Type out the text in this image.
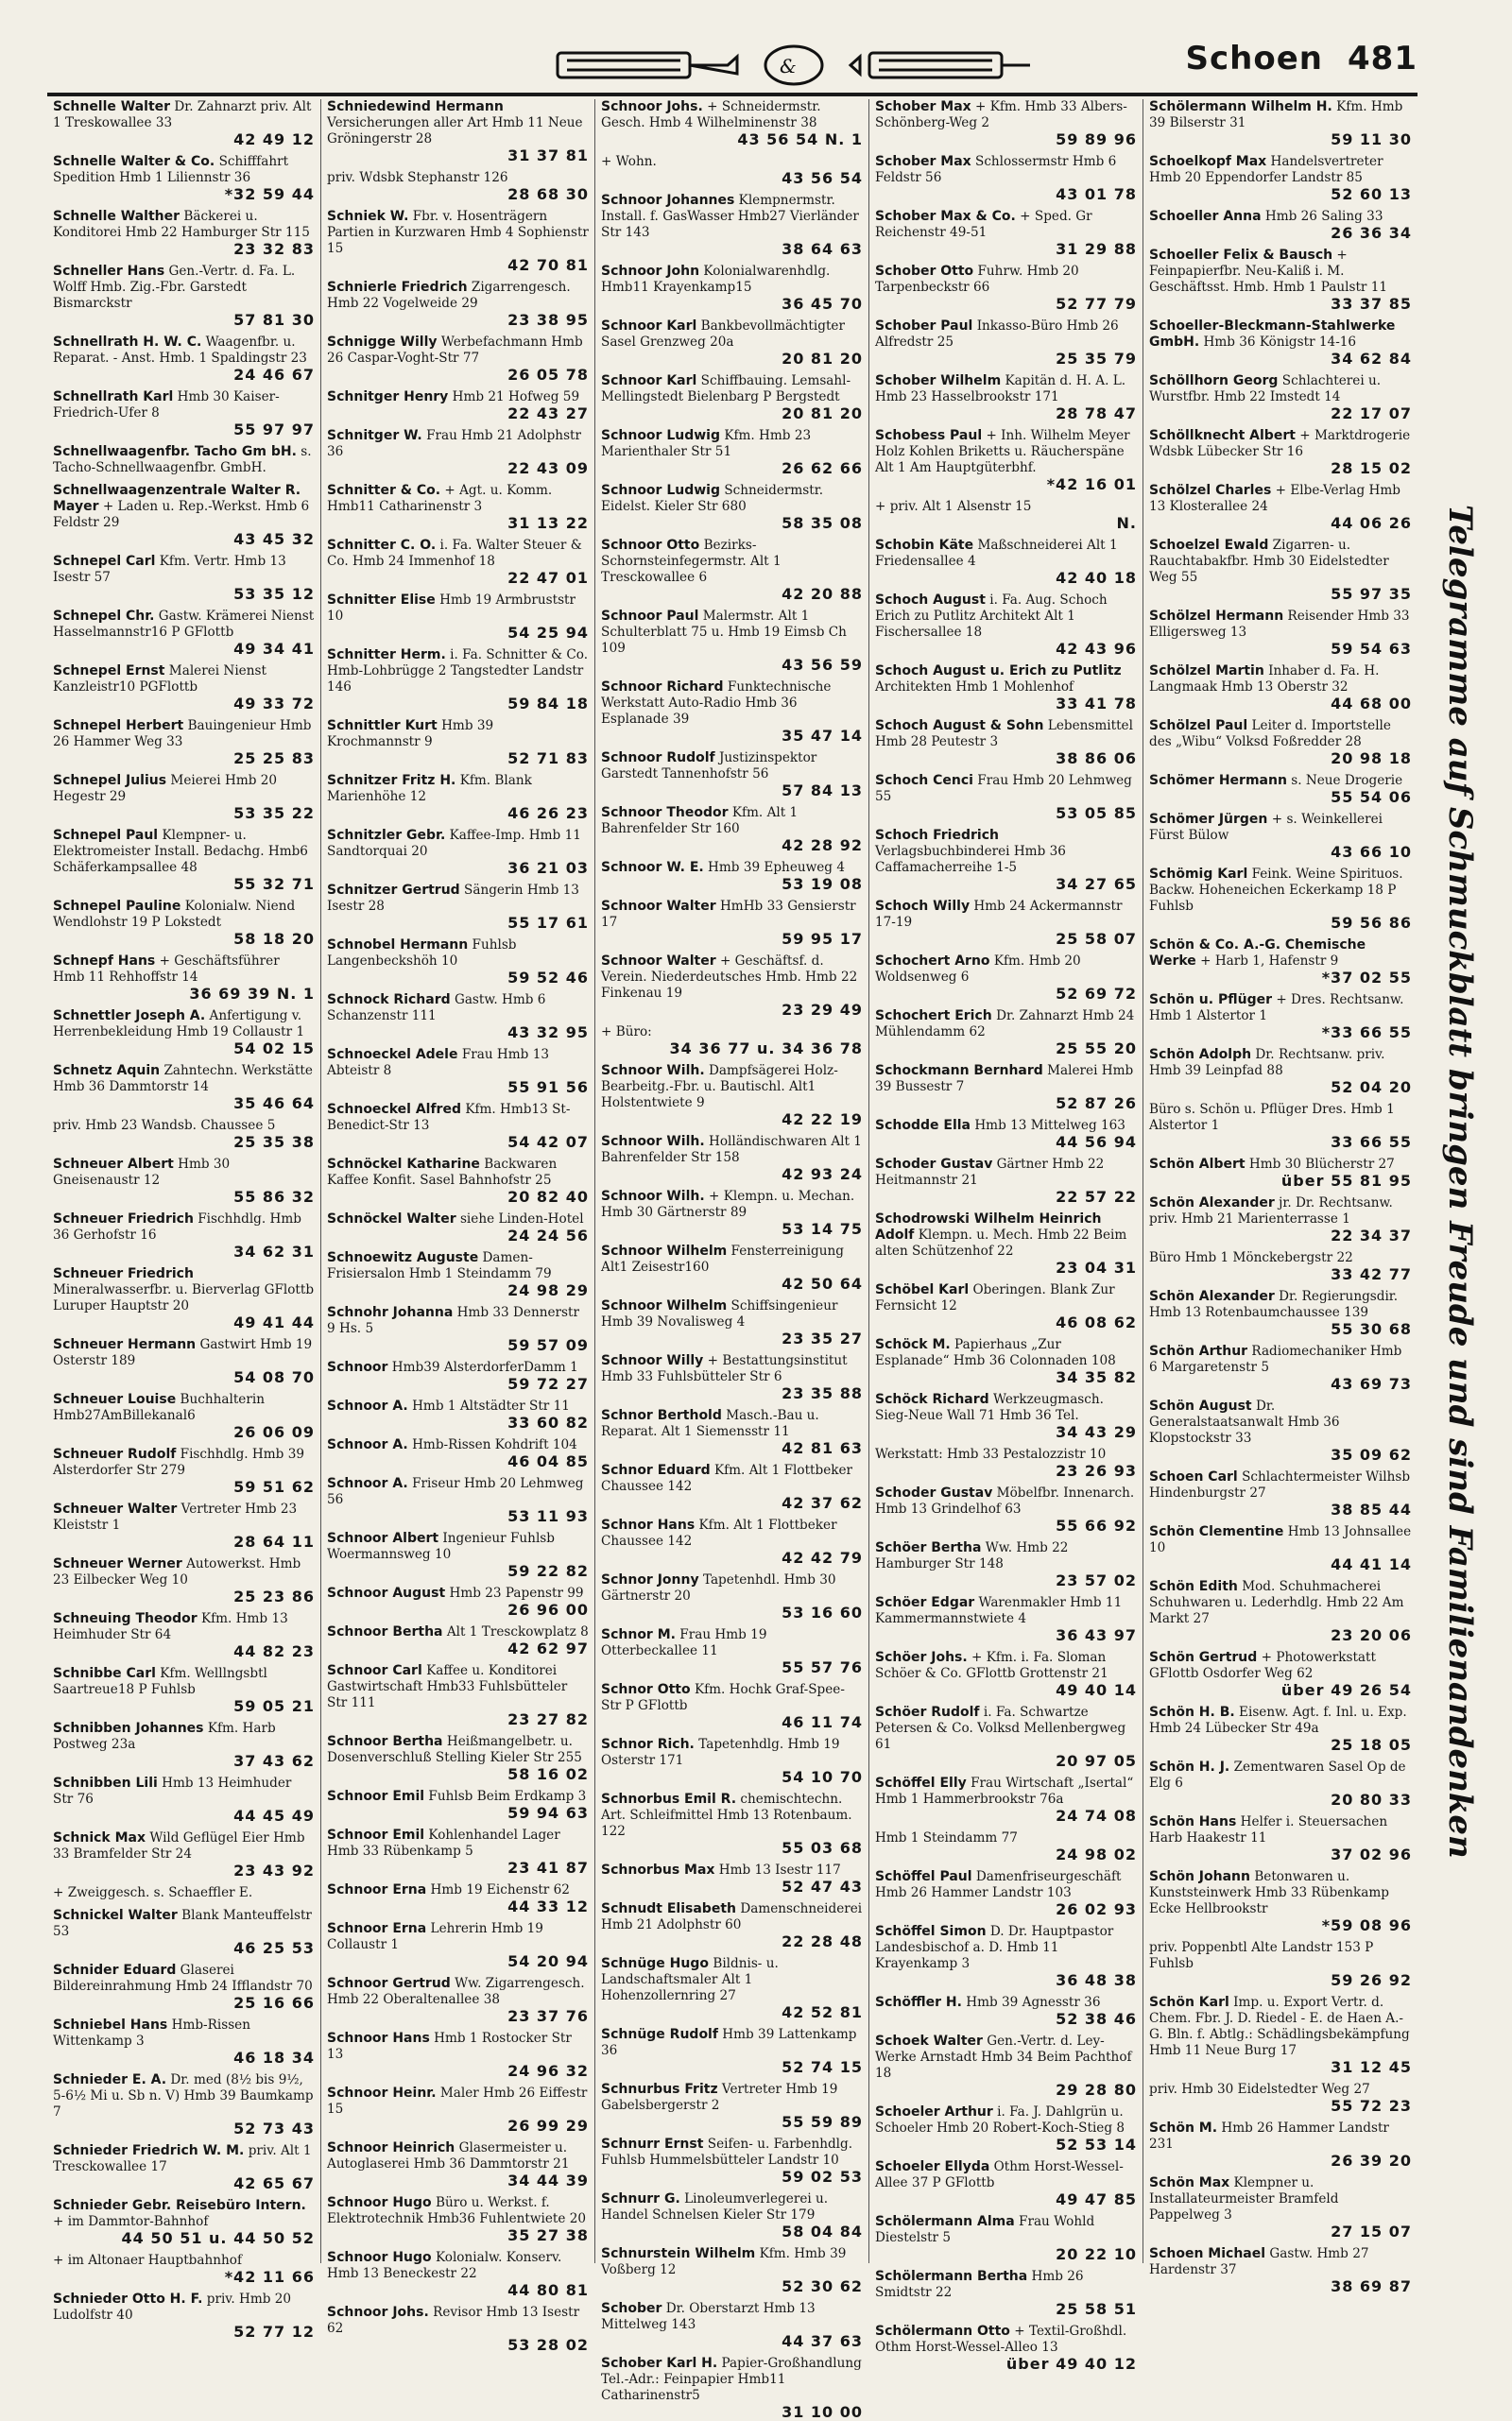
&	Schoen 481
Schnelle Walter Dr. Zahnarzt priv. Alt 1 Treskowallee 33
42 49 12
Schnelle Walter & Co. Schifffahrt Spedition Hmb 1 Liliennstr 36
*32 59 44
Schnelle Walther Bäckerei u. Konditorei Hmb 22 Hamburger Str 115
23 32 83
Schneller Hans Gen.-Vertr. d. Fa. L. Wolff Hmb. Zig.-Fbr. Garstedt Bismarckstr
57 81 30
Schnellrath H. W. C. Waagenfbr. u. Reparat. - Anst. Hmb. 1 Spaldingstr 23
24 46 67
Schnellrath Karl Hmb 30 Kaiser-Friedrich-Ufer 8
55 97 97
Schnellwaagenfbr. Tacho Gm bH. s. Tacho-Schnellwaagenfbr. GmbH.
Schnellwaagenzentrale Walter R. Mayer + Laden u. Rep.-Werkst. Hmb 6 Feldstr 29
43 45 32
Schnepel Carl Kfm. Vertr. Hmb 13 Isestr 57
53 35 12
Schnepel Chr. Gastw. Krämerei Nienst Hasselmannstr16 P GFlottb
49 34 41
Schnepel Ernst Malerei Nienst Kanzleistr10 PGFlottb
49 33 72
Schnepel Herbert Bauingenieur Hmb 26 Hammer Weg 33
25 25 83
Schnepel Julius Meierei Hmb 20 Hegestr 29
53 35 22
Schnepel Paul Klempner- u. Elektromeister Install. Bedachg. Hmb6 Schäferkampsallee 48
55 32 71
Schnepel Pauline Kolonialw. Niend Wendlohstr 19 P Lokstedt
58 18 20
Schnepf Hans + Geschäftsführer Hmb 11 Rehhoffstr 14
36 69 39 N. 1
Schnettler Joseph A. Anfertigung v. Herrenbekleidung Hmb 19 Collaustr 1
54 02 15
Schnetz Aquin Zahntechn. Werkstätte Hmb 36 Dammtorstr 14
35 46 64
priv. Hmb 23 Wandsb. Chaussee 5
25 35 38
Schneuer Albert Hmb 30 Gneisenaustr 12
55 86 32
Schneuer Friedrich Fischhdlg. Hmb 36 Gerhofstr 16
34 62 31
Schneuer Friedrich Mineralwasserfbr. u. Bierverlag GFlottb Luruper Hauptstr 20
49 41 44
Schneuer Hermann Gastwirt Hmb 19 Osterstr 189
54 08 70
Schneuer Louise Buchhalterin Hmb27AmBillekanal6
26 06 09
Schneuer Rudolf Fischhdlg. Hmb 39 Alsterdorfer Str 279
59 51 62
Schneuer Walter Vertreter Hmb 23 Kleiststr 1
28 64 11
Schneuer Werner Autowerkst. Hmb 23 Eilbecker Weg 10
25 23 86
Schneuing Theodor Kfm. Hmb 13 Heimhuder Str 64
44 82 23
Schnibbe Carl Kfm. Welllngsbtl Saartreue18 P Fuhlsb
59 05 21
Schnibben Johannes Kfm. Harb Postweg 23a
37 43 62
Schnibben Lili Hmb 13 Heimhuder Str 76
44 45 49
Schnick Max Wild Geflügel Eier Hmb 33 Bramfelder Str 24
23 43 92
+ Zweiggesch. s. Schaeffler E.
Schnickel Walter Blank Manteuffelstr 53
46 25 53
Schnider Eduard Glaserei Bildereinrahmung Hmb 24 Ifflandstr 70
25 16 66
Schniebel Hans Hmb-Rissen Wittenkamp 3
46 18 34
Schnieder E. A. Dr. med (8½ bis 9½, 5-6½ Mi u. Sb n. V) Hmb 39 Baumkamp 7
52 73 43
Schnieder Friedrich W. M. priv. Alt 1 Tresckowallee 17
42 65 67
Schnieder Gebr. Reisebüro Intern. + im Dammtor-Bahnhof
44 50 51 u. 44 50 52
+ im Altonaer Hauptbahnhof
*42 11 66
Schnieder Otto H. F. priv. Hmb 20 Ludolfstr 40
52 77 12
Schniedewind Hermann Versicherungen aller Art Hmb 11 Neue Gröningerstr 28
31 37 81
priv. Wdsbk Stephanstr 126
28 68 30
Schniek W. Fbr. v. Hosenträgern Partien in Kurzwaren Hmb 4 Sophienstr 15
42 70 81
Schnierle Friedrich Zigarrengesch. Hmb 22 Vogelweide 29
23 38 95
Schnigge Willy Werbefachmann Hmb 26 Caspar-Voght-Str 77
26 05 78
Schnitger Henry Hmb 21 Hofweg 59
22 43 27
Schnitger W. Frau Hmb 21 Adolphstr 36
22 43 09
Schnitter & Co. + Agt. u. Komm. Hmb11 Catharinenstr 3
31 13 22
Schnitter C. O. i. Fa. Walter Steuer & Co. Hmb 24 Immenhof 18
22 47 01
Schnitter Elise Hmb 19 Armbruststr 10
54 25 94
Schnitter Herm. i. Fa. Schnitter & Co. Hmb-Lohbrügge 2 Tangstedter Landstr 146
59 84 18
Schnittler Kurt Hmb 39 Krochmannstr 9
52 71 83
Schnitzer Fritz H. Kfm. Blank Marienhöhe 12
46 26 23
Schnitzler Gebr. Kaffee-Imp. Hmb 11 Sandtorquai 20
36 21 03
Schnitzer Gertrud Sängerin Hmb 13 Isestr 28
55 17 61
Schnobel Hermann Fuhlsb Langenbeckshöh 10
59 52 46
Schnock Richard Gastw. Hmb 6 Schanzenstr 111
43 32 95
Schnoeckel Adele Frau Hmb 13 Abteistr 8
55 91 56
Schnoeckel Alfred Kfm. Hmb13 St-Benedict-Str 13
54 42 07
Schnöckel Katharine Backwaren Kaffee Konfit. Sasel Bahnhofstr 25
20 82 40
Schnöckel Walter siehe Linden-Hotel
24 24 56
Schnoewitz Auguste Damen-Frisiersalon Hmb 1 Steindamm 79
24 98 29
Schnohr Johanna Hmb 33 Dennerstr 9 Hs. 5
59 57 09
Schnoor Hmb39 AlsterdorferDamm 1
59 72 27
Schnoor A. Hmb 1 Altstädter Str 11
33 60 82
Schnoor A. Hmb-Rissen Kohdrift 104
46 04 85
Schnoor A. Friseur Hmb 20 Lehmweg 56
53 11 93
Schnoor Albert Ingenieur Fuhlsb Woermannsweg 10
59 22 82
Schnoor August Hmb 23 Papenstr 99
26 96 00
Schnoor Bertha Alt 1 Tresckowplatz 8
42 62 97
Schnoor Carl Kaffee u. Konditorei Gastwirtschaft Hmb33 Fuhlsbütteler Str 111
23 27 82
Schnoor Bertha Heißmangelbetr. u. Dosenverschluß Stelling Kieler Str 255
58 16 02
Schnoor Emil Fuhlsb Beim Erdkamp 3
59 94 63
Schnoor Emil Kohlenhandel Lager Hmb 33 Rübenkamp 5
23 41 87
Schnoor Erna Hmb 19 Eichenstr 62
44 33 12
Schnoor Erna Lehrerin Hmb 19 Collaustr 1
54 20 94
Schnoor Gertrud Ww. Zigarrengesch. Hmb 22 Oberaltenallee 38
23 37 76
Schnoor Hans Hmb 1 Rostocker Str 13
24 96 32
Schnoor Heinr. Maler Hmb 26 Eiffestr 15
26 99 29
Schnoor Heinrich Glasermeister u. Autoglaserei Hmb 36 Dammtorstr 21
34 44 39
Schnoor Hugo Büro u. Werkst. f. Elektrotechnik Hmb36 Fuhlentwiete 20
35 27 38
Schnoor Hugo Kolonialw. Konserv. Hmb 13 Beneckestr 22
44 80 81
Schnoor Johs. Revisor Hmb 13 Isestr 62
53 28 02
Schnoor Johs. + Schneidermstr. Gesch. Hmb 4 Wilhelminenstr 38
43 56 54 N. 1
+ Wohn.
43 56 54
Schnoor Johannes Klempnermstr. Install. f. GasWasser Hmb27 Vierländer Str 143
38 64 63
Schnoor John Kolonialwarenhdlg. Hmb11 Krayenkamp15
36 45 70
Schnoor Karl Bankbevollmächtigter Sasel Grenzweg 20a
20 81 20
Schnoor Karl Schiffbauing. Lemsahl-Mellingstedt Bielenbarg P Bergstedt
20 81 20
Schnoor Ludwig Kfm. Hmb 23 Marienthaler Str 51
26 62 66
Schnoor Ludwig Schneidermstr. Eidelst. Kieler Str 680
58 35 08
Schnoor Otto Bezirks-Schornsteinfegermstr. Alt 1 Tresckowallee 6
42 20 88
Schnoor Paul Malermstr. Alt 1 Schulterblatt 75 u. Hmb 19 Eimsb Ch 109
43 56 59
Schnoor Richard Funktechnische Werkstatt Auto-Radio Hmb 36 Esplanade 39
35 47 14
Schnoor Rudolf Justizinspektor Garstedt Tannenhofstr 56
57 84 13
Schnoor Theodor Kfm. Alt 1 Bahrenfelder Str 160
42 28 92
Schnoor W. E. Hmb 39 Epheuweg 4
53 19 08
Schnoor Walter HmHb 33 Gensierstr 17
59 95 17
Schnoor Walter + Geschäftsf. d. Verein. Niederdeutsches Hmb. Hmb 22 Finkenau 19
23 29 49
+ Büro:
34 36 77 u. 34 36 78
Schnoor Wilh. Dampfsägerei Holz-Bearbeitg.-Fbr. u. Bautischl. Alt1 Holstentwiete 9
42 22 19
Schnoor Wilh. Holländischwaren Alt 1 Bahrenfelder Str 158
42 93 24
Schnoor Wilh. + Klempn. u. Mechan. Hmb 30 Gärtnerstr 89
53 14 75
Schnoor Wilhelm Fensterreinigung Alt1 Zeisestr160
42 50 64
Schnoor Wilhelm Schiffsingenieur Hmb 39 Novalisweg 4
23 35 27
Schnoor Willy + Bestattungsinstitut Hmb 33 Fuhlsbütteler Str 6
23 35 88
Schnor Berthold Masch.-Bau u. Reparat. Alt 1 Siemensstr 11
42 81 63
Schnor Eduard Kfm. Alt 1 Flottbeker Chaussee 142
42 37 62
Schnor Hans Kfm. Alt 1 Flottbeker Chaussee 142
42 42 79
Schnor Jonny Tapetenhdl. Hmb 30 Gärtnerstr 20
53 16 60
Schnor M. Frau Hmb 19 Otterbeckallee 11
55 57 76
Schnor Otto Kfm. Hochk Graf-Spee-Str P GFlottb
46 11 74
Schnor Rich. Tapetenhdlg. Hmb 19 Osterstr 171
54 10 70
Schnorbus Emil R. chemischtechn. Art. Schleifmittel Hmb 13 Rotenbaum. 122
55 03 68
Schnorbus Max Hmb 13 Isestr 117
52 47 43
Schnudt Elisabeth Damenschneiderei Hmb 21 Adolphstr 60
22 28 48
Schnüge Hugo Bildnis- u. Landschaftsmaler Alt 1 Hohenzollernring 27
42 52 81
Schnüge Rudolf Hmb 39 Lattenkamp 36
52 74 15
Schnurbus Fritz Vertreter Hmb 19 Gabelsbergerstr 2
55 59 89
Schnurr Ernst Seifen- u. Farbenhdlg. Fuhlsb Hummelsbütteler Landstr 10
59 02 53
Schnurr G. Linoleumverlegerei u. Handel Schnelsen Kieler Str 179
58 04 84
Schnurstein Wilhelm Kfm. Hmb 39 Voßberg 12
52 30 62
Schober Dr. Oberstarzt Hmb 13 Mittelweg 143
44 37 63
Schober Karl H. Papier-Großhandlung Tel.-Adr.: Feinpapier Hmb11 Catharinenstr5
31 10 00
Schober Max + Kfm. Hmb 33 Albers-Schönberg-Weg 2
59 89 96
Schober Max Schlossermstr Hmb 6 Feldstr 56
43 01 78
Schober Max & Co. + Sped. Gr Reichenstr 49-51
31 29 88
Schober Otto Fuhrw. Hmb 20 Tarpenbeckstr 66
52 77 79
Schober Paul Inkasso-Büro Hmb 26 Alfredstr 25
25 35 79
Schober Wilhelm Kapitän d. H. A. L. Hmb 23 Hasselbrookstr 171
28 78 47
Schobess Paul + Inh. Wilhelm Meyer Holz Kohlen Briketts u. Räucherspäne Alt 1 Am Hauptgüterbhf.
*42 16 01
+ priv. Alt 1 Alsenstr 15
N.
Schobin Käte Maßschneiderei Alt 1 Friedensallee 4
42 40 18
Schoch August i. Fa. Aug. Schoch Erich zu Putlitz Architekt Alt 1 Fischersallee 18
42 43 96
Schoch August u. Erich zu Putlitz Architekten Hmb 1 Mohlenhof
33 41 78
Schoch August & Sohn Lebensmittel Hmb 28 Peutestr 3
38 86 06
Schoch Cenci Frau Hmb 20 Lehmweg 55
53 05 85
Schoch Friedrich Verlagsbuchbinderei Hmb 36 Caffamacherreihe 1-5
34 27 65
Schoch Willy Hmb 24 Ackermannstr 17-19
25 58 07
Schochert Arno Kfm. Hmb 20 Woldsenweg 6
52 69 72
Schochert Erich Dr. Zahnarzt Hmb 24 Mühlendamm 62
25 55 20
Schockmann Bernhard Malerei Hmb 39 Bussestr 7
52 87 26
Schodde Ella Hmb 13 Mittelweg 163
44 56 94
Schoder Gustav Gärtner Hmb 22 Heitmannstr 21
22 57 22
Schodrowski Wilhelm Heinrich Adolf Klempn. u. Mech. Hmb 22 Beim alten Schützenhof 22
23 04 31
Schöbel Karl Oberingen. Blank Zur Fernsicht 12
46 08 62
Schöck M. Papierhaus „Zur Esplanade“ Hmb 36 Colonnaden 108
34 35 82
Schöck Richard Werkzeugmasch. Sieg-Neue Wall 71 Hmb 36 Tel.
34 43 29
Werkstatt: Hmb 33 Pestalozzistr 10
23 26 93
Schoder Gustav Möbelfbr. Innenarch. Hmb 13 Grindelhof 63
55 66 92
Schöer Bertha Ww. Hmb 22 Hamburger Str 148
23 57 02
Schöer Edgar Warenmakler Hmb 11 Kammermannstwiete 4
36 43 97
Schöer Johs. + Kfm. i. Fa. Sloman Schöer & Co. GFlottb Grottenstr 21
49 40 14
Schöer Rudolf i. Fa. Schwartze Petersen & Co. Volksd Mellenbergweg 61
20 97 05
Schöffel Elly Frau Wirtschaft „Isertal“ Hmb 1 Hammerbrookstr 76a
24 74 08
Hmb 1 Steindamm 77
24 98 02
Schöffel Paul Damenfriseurgeschäft Hmb 26 Hammer Landstr 103
26 02 93
Schöffel Simon D. Dr. Hauptpastor Landesbischof a. D. Hmb 11 Krayenkamp 3
36 48 38
Schöffler H. Hmb 39 Agnesstr 36
52 38 46
Schoek Walter Gen.-Vertr. d. Ley-Werke Arnstadt Hmb 34 Beim Pachthof 18
29 28 80
Schoeler Arthur i. Fa. J. Dahlgrün u. Schoeler Hmb 20 Robert-Koch-Stieg 8
52 53 14
Schoeler Ellyda Othm Horst-Wessel-Allee 37 P GFlottb
49 47 85
Schölermann Alma Frau Wohld Diestelstr 5
20 22 10
Schölermann Bertha Hmb 26 Smidtstr 22
25 58 51
Schölermann Otto + Textil-Großhdl. Othm Horst-Wessel-Alleo 13
über 49 40 12
Schölermann Wilhelm H. Kfm. Hmb 39 Bilserstr 31
59 11 30
Schoelkopf Max Handelsvertreter Hmb 20 Eppendorfer Landstr 85
52 60 13
Schoeller Anna Hmb 26 Saling 33
26 36 34
Schoeller Felix & Bausch + Feinpapierfbr. Neu-Kaliß i. M. Geschäftsst. Hmb. Hmb 1 Paulstr 11
33 37 85
Schoeller-Bleckmann-Stahlwerke GmbH. Hmb 36 Königstr 14-16
34 62 84
Schöllhorn Georg Schlachterei u. Wurstfbr. Hmb 22 Imstedt 14
22 17 07
Schöllknecht Albert + Marktdrogerie Wdsbk Lübecker Str 16
28 15 02
Schölzel Charles + Elbe-Verlag Hmb 13 Klosterallee 24
44 06 26
Schoelzel Ewald Zigarren- u. Rauchtabakfbr. Hmb 30 Eidelstedter Weg 55
55 97 35
Schölzel Hermann Reisender Hmb 33 Elligersweg 13
59 54 63
Schölzel Martin Inhaber d. Fa. H. Langmaak Hmb 13 Oberstr 32
44 68 00
Schölzel Paul Leiter d. Importstelle des „Wibu“ Volksd Foßredder 28
20 98 18
Schömer Hermann s. Neue Drogerie
55 54 06
Schömer Jürgen + s. Weinkellerei Fürst Bülow
43 66 10
Schömig Karl Feink. Weine Spirituos. Backw. Hoheneichen Eckerkamp 18 P Fuhlsb
59 56 86
Schön & Co. A.-G. Chemische Werke + Harb 1, Hafenstr 9
*37 02 55
Schön u. Pflüger + Dres. Rechtsanw. Hmb 1 Alstertor 1
*33 66 55
Schön Adolph Dr. Rechtsanw. priv. Hmb 39 Leinpfad 88
52 04 20
Büro s. Schön u. Pflüger Dres. Hmb 1 Alstertor 1
33 66 55
Schön Albert Hmb 30 Blücherstr 27
über 55 81 95
Schön Alexander jr. Dr. Rechtsanw. priv. Hmb 21 Marienterrasse 1
22 34 37
Büro Hmb 1 Mönckebergstr 22
33 42 77
Schön Alexander Dr. Regierungsdir. Hmb 13 Rotenbaumchaussee 139
55 30 68
Schön Arthur Radiomechaniker Hmb 6 Margaretenstr 5
43 69 73
Schön August Dr. Generalstaatsanwalt Hmb 36 Klopstockstr 33
35 09 62
Schoen Carl Schlachtermeister Wilhsb Hindenburgstr 27
38 85 44
Schön Clementine Hmb 13 Johnsallee 10
44 41 14
Schön Edith Mod. Schuhmacherei Schuhwaren u. Lederhdlg. Hmb 22 Am Markt 27
23 20 06
Schön Gertrud + Photowerkstatt GFlottb Osdorfer Weg 62
über 49 26 54
Schön H. B. Eisenw. Agt. f. Inl. u. Exp. Hmb 24 Lübecker Str 49a
25 18 05
Schön H. J. Zementwaren Sasel Op de Elg 6
20 80 33
Schön Hans Helfer i. Steuersachen Harb Haakestr 11
37 02 96
Schön Johann Betonwaren u. Kunststeinwerk Hmb 33 Rübenkamp Ecke Hellbrookstr
*59 08 96
priv. Poppenbtl Alte Landstr 153 P Fuhlsb
59 26 92
Schön Karl Imp. u. Export Vertr. d. Chem. Fbr. J. D. Riedel - E. de Haen A.-G. Bln. f. Abtlg.: Schädlingsbekämpfung Hmb 11 Neue Burg 17
31 12 45
priv. Hmb 30 Eidelstedter Weg 27
55 72 23
Schön M. Hmb 26 Hammer Landstr 231
26 39 20
Schön Max Klempner u. Installateurmeister Bramfeld Pappelweg 3
27 15 07
Schoen Michael Gastw. Hmb 27 Hardenstr 37
38 69 87
Telegramme auf Schmuckblatt bringen Freude und sind Familienandenken
